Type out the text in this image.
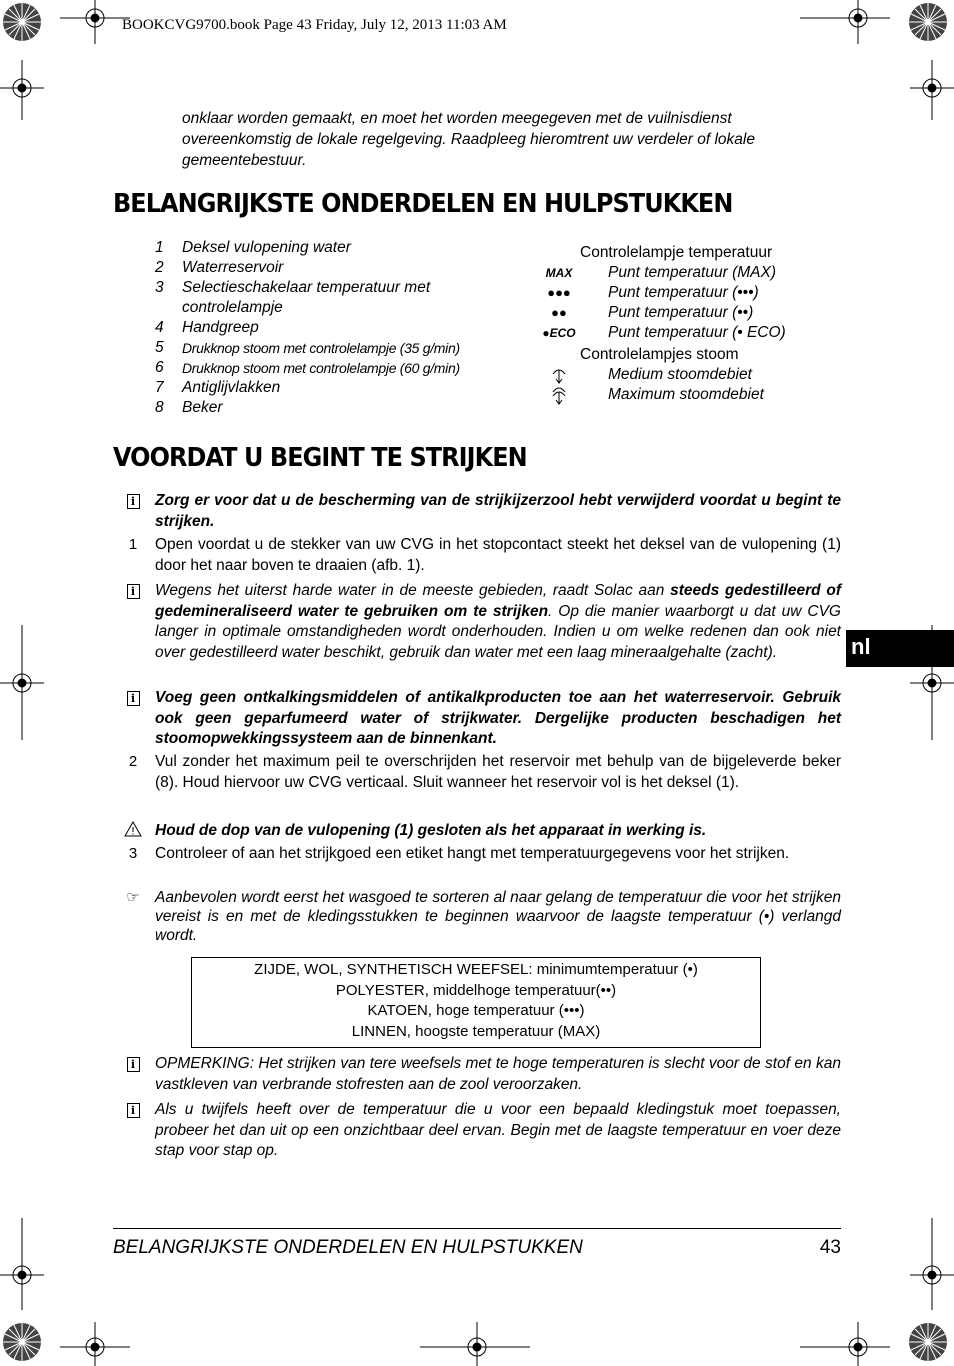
BOOKCVG9700.book Page 43 Friday, July 12, 2013 11:03 AM
onklaar worden gemaakt, en moet het worden meegegeven met de vuilnisdienst overeenkomstig de lokale regelgeving. Raadpleeg hieromtrent uw verdeler of lokale gemeentebestuur.
BELANGRIJKSTE ONDERDELEN EN HULPSTUKKEN
1	Deksel vulopening water
2	Waterreservoir
3	Selectieschakelaar temperatuur met controlelampje
4	Handgreep
5	Drukknop stoom met controlelampje (35 g/min)
6	Drukknop stoom met controlelampje (60 g/min)
7	Antiglijvlakken
8	Beker
Controlelampje temperatuur
MAX	Punt temperatuur (MAX)
●●●	Punt temperatuur (•••)
●●	Punt temperatuur (••)
●ECO Punt temperatuur (• ECO)
Controlelampjes stoom
Medium stoomdebiet
Maximum stoomdebiet
VOORDAT U BEGINT TE STRIJKEN
i	Zorg er voor dat u de bescherming van de strijkijzerzool hebt verwijderd voordat u begint te strijken.
1	Open voordat u de stekker van uw CVG in het stopcontact steekt het deksel van de vulopening (1) door het naar boven te draaien (afb. 1).
i	Wegens het uiterst harde water in de meeste gebieden, raadt Solac aan steeds gedestilleerd of gedemineraliseerd water te gebruiken om te strijken. Op die manier waarborgt u dat uw CVG langer in optimale omstandigheden wordt onderhouden. Indien u om welke redenen dan ook niet over gedestilleerd water beschikt, gebruik dan water met een laag mineraalgehalte (zacht).
i	Voeg geen ontkalkingsmiddelen of antikalkproducten toe aan het waterreservoir. Gebruik ook geen geparfumeerd water of strijkwater. Dergelijke producten beschadigen het stoomopwekkingssysteem aan de binnenkant.
2	Vul zonder het maximum peil te overschrijden het reservoir met behulp van de bijgeleverde beker (8). Houd hiervoor uw CVG verticaal. Sluit wanneer het reservoir vol is het deksel (1).
Houd de dop van de vulopening (1) gesloten als het apparaat in werking is.
3	Controleer of aan het strijkgoed een etiket hangt met temperatuurgegevens voor het strijken.
☞ Aanbevolen wordt eerst het wasgoed te sorteren al naar gelang de temperatuur die voor het strijken vereist is en met de kledingsstukken te beginnen waarvoor de laagste temperatuur (•) verlangd wordt.
i	OPMERKING: Het strijken van tere weefsels met te hoge temperaturen is slecht voor de stof en kan vastkleven van verbrande stofresten aan de zool veroorzaken.
i	Als u twijfels heeft over de temperatuur die u voor een bepaald kledingstuk moet toepassen, probeer het dan uit op een onzichtbaar deel ervan. Begin met de laagste temperatuur en voer deze stap voor stap op.
ZIJDE, WOL, SYNTHETISCH WEEFSEL: minimumtemperatuur (•)
POLYESTER, middelhoge temperatuur(••)
KATOEN, hoge temperatuur (•••)
LINNEN, hoogste temperatuur (MAX)
BELANGRIJKSTE ONDERDELEN EN HULPSTUKKEN	43
nl
